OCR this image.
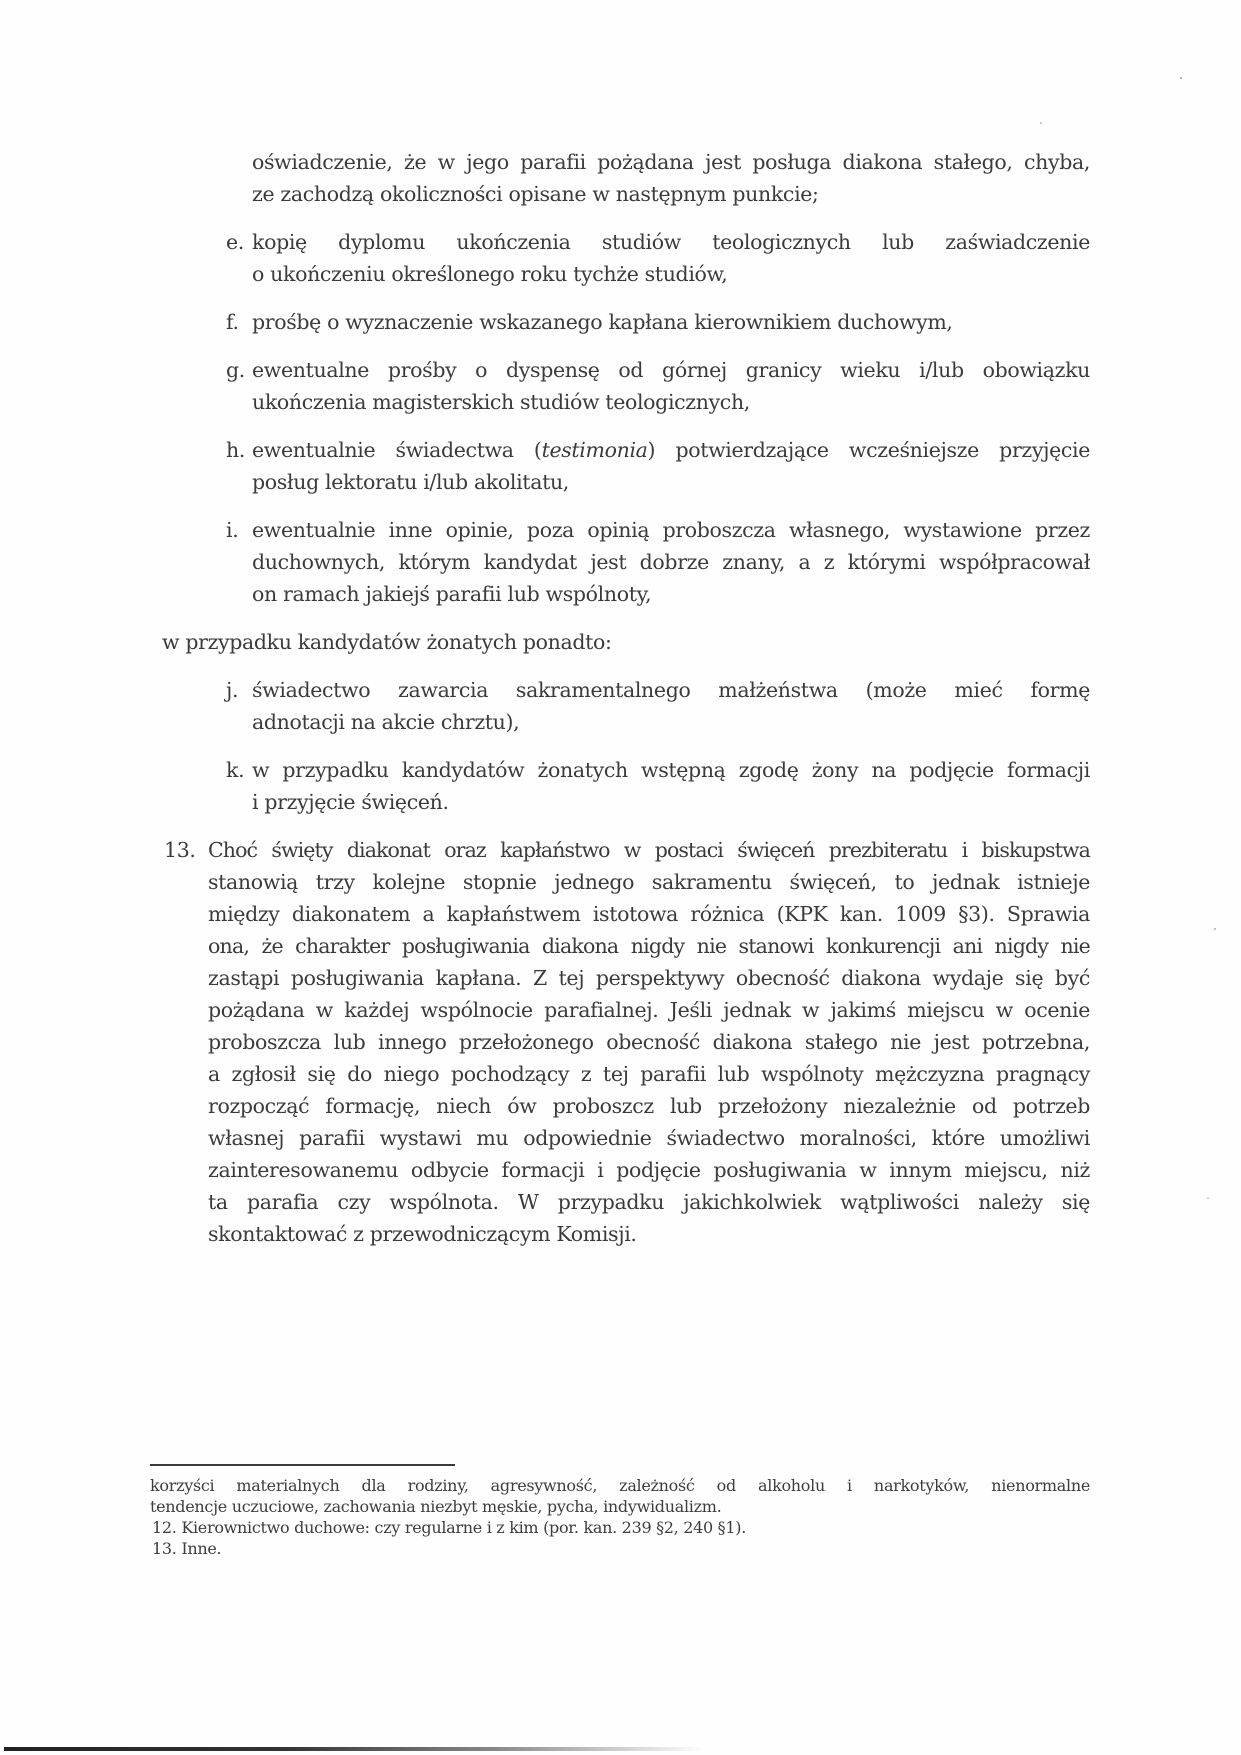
oświadczenie, że w jego parafii pożądana jest posługa diakona stałego, chyba,
ze zachodzą okoliczności opisane w następnym punkcie;
e. kopię dyplomu ukończenia studiów teologicznych lub zaświadczenie
o ukończeniu określonego roku tychże studiów,
f. prośbę o wyznaczenie wskazanego kapłana kierownikiem duchowym,
g. ewentualne prośby o dyspensę od górnej granicy wieku i/lub obowiązku
ukończenia magisterskich studiów teologicznych,
h. ewentualnie świadectwa (testimonia) potwierdzające wcześniejsze przyjęcie
posług lektoratu i/lub akolitatu,
i. ewentualnie inne opinie, poza opinią proboszcza własnego, wystawione przez
duchownych, którym kandydat jest dobrze znany, a z którymi współpracował
on ramach jakiejś parafii lub wspólnoty,
w przypadku kandydatów żonatych ponadto:
j. świadectwo zawarcia sakramentalnego małżeństwa (może mieć formę
adnotacji na akcie chrztu),
k. w przypadku kandydatów żonatych wstępną zgodę żony na podjęcie formacji
i przyjęcie święceń.
13. Choć święty diakonat oraz kapłaństwo w postaci święceń prezbiteratu i biskupstwa
stanowią trzy kolejne stopnie jednego sakramentu święceń, to jednak istnieje
między diakonatem a kapłaństwem istotowa różnica (KPK kan. 1009 §3). Sprawia
ona, że charakter posługiwania diakona nigdy nie stanowi konkurencji ani nigdy nie
zastąpi posługiwania kapłana. Z tej perspektywy obecność diakona wydaje się być
pożądana w każdej wspólnocie parafialnej. Jeśli jednak w jakimś miejscu w ocenie
proboszcza lub innego przełożonego obecność diakona stałego nie jest potrzebna,
a zgłosił się do niego pochodzący z tej parafii lub wspólnoty mężczyzna pragnący
rozpocząć formację, niech ów proboszcz lub przełożony niezależnie od potrzeb
własnej parafii wystawi mu odpowiednie świadectwo moralności, które umożliwi
zainteresowanemu odbycie formacji i podjęcie posługiwania w innym miejscu, niż
ta parafia czy wspólnota. W przypadku jakichkolwiek wątpliwości należy się
skontaktować z przewodniczącym Komisji.
korzyści materialnych dla rodziny, agresywność, zależność od alkoholu i narkotyków, nienormalne
tendencje uczuciowe, zachowania niezbyt męskie, pycha, indywidualizm.
12. Kierownictwo duchowe: czy regularne i z kim (por. kan. 239 §2, 240 §1).
13. Inne.
